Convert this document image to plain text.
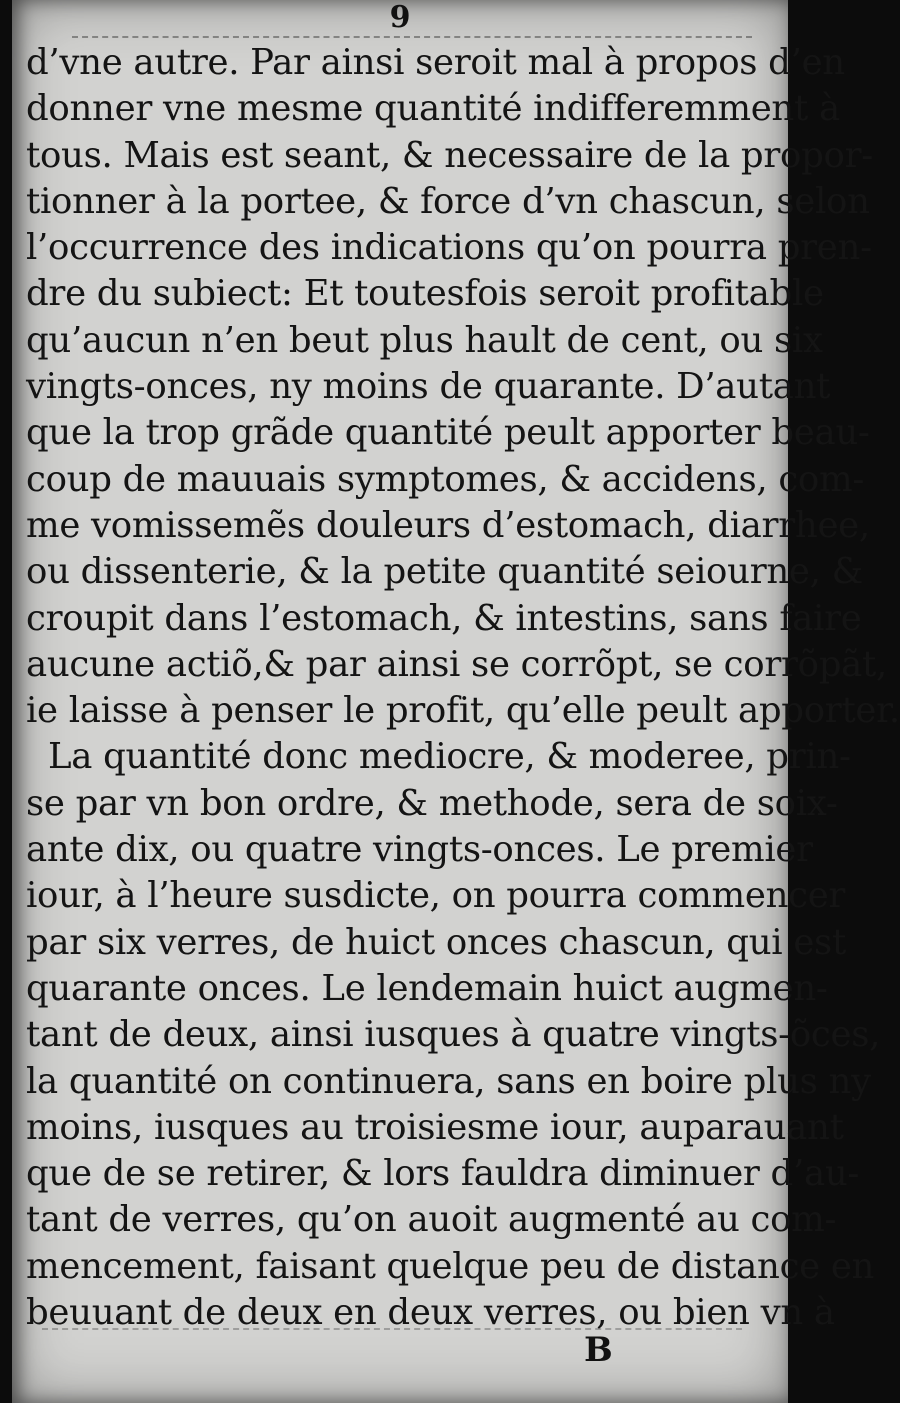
9
d’vne autre. Par ainsi seroit mal à propos d’en
donner vne mesme quantité indifferemment à
tous. Mais est seant, & necessaire de la propor-
tionner à la portee, & force d’vn chascun, selon
l’occurrence des indications qu’on pourra pren-
dre du subiect: Et toutesfois seroit profitable
qu’aucun n’en beut plus hault de cent, ou six
vingts-onces, ny moins de quarante. D’autant
que la trop grãde quantité peult apporter beau-
coup de mauuais symptomes, & accidens, com-
me vomissemẽs douleurs d’estomach, diarrhee,
ou dissenterie, & la petite quantité seiourne, &
croupit dans l’estomach, & intestins, sans faire
aucune actiõ,& par ainsi se corrõpt, se corrõpãt,
ie laisse à penser le profit, qu’elle peult apporter.
La quantité donc mediocre, & moderee, prin-
se par vn bon ordre, & methode, sera de soix-
ante dix, ou quatre vingts-onces. Le premier
iour, à l’heure susdicte, on pourra commencer
par six verres, de huict onces chascun, qui est
quarante onces. Le lendemain huict augmen-
tant de deux, ainsi iusques à quatre vingts-õces,
la quantité on continuera, sans en boire plus ny
moins, iusques au troisiesme iour, auparauant
que de se retirer, & lors fauldra diminuer d’au-
tant de verres, qu’on auoit augmenté au com-
mencement, faisant quelque peu de distance en
beuuant de deux en deux verres, ou bien vn à
B
